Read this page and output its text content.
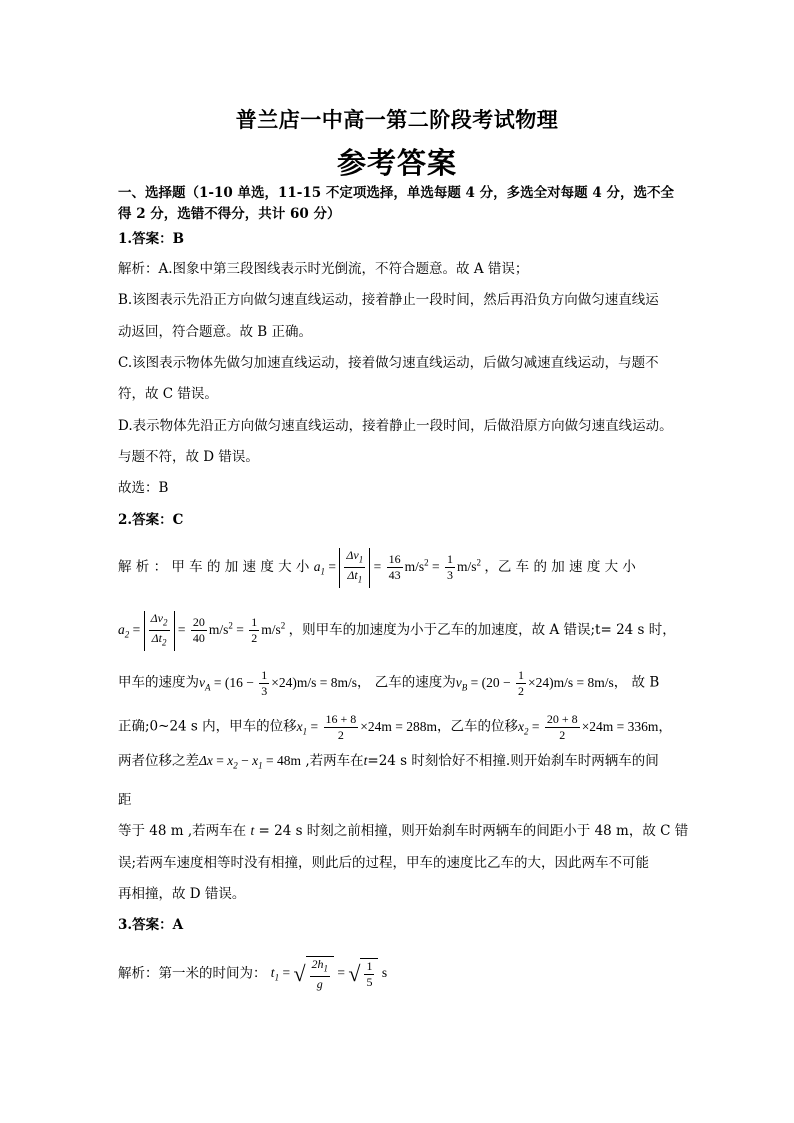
普兰店一中高一第二阶段考试物理
参考答案
一、选择题（1-10 单选，11-15 不定项选择，单选每题 4 分，多选全对每题 4 分，选不全
得 2 分，选错不得分，共计 60 分）
1.答案：B
解析：A.图象中第三段图线表示时光倒流，不符合题意。故 A 错误；
B.该图表示先沿正方向做匀速直线运动，接着静止一段时间，然后再沿负方向做匀速直线运
动返回，符合题意。故 B 正确。
C.该图表示物体先做匀加速直线运动，接着做匀速直线运动，后做匀减速直线运动，与题不
符，故 C 错误。
D.表示物体先沿正方向做匀速直线运动，接着静止一段时间，后做沿原方向做匀速直线运动。
与题不符，故 D 错误。
故选：B
2.答案：C
解 析 ： 甲 车 的 加 速 度 大 小 $a_1 = \frac{\Delta v_1}{\Delta t_1} = \frac{16}{43} m/s^2 = \frac{1}{3} m/s^2$ ，乙 车 的 加 速 度 大 小
$a_2 = \frac{\Delta v_2}{\Delta t_2} = \frac{20}{40} m/s^2 = \frac{1}{2} m/s^2$ ，则甲车的加速度为小于乙车的加速度，故 A 错误;t= 24 s 时，
甲车的速度为$v_A = (16 - \frac{1}{3} \times 24)m/s = 8m/s$， 乙车的速度为$v_B = (20 - \frac{1}{2} \times 24)m/s = 8m/s$， 故 B
正确;0~24 s 内，甲车的位移$x_1 = \frac{16 + 8}{2} \times 24m = 288m$，乙车的位移$x_2 = \frac{20 + 8}{2} \times 24m = 336m$，
两者位移之差$\Delta x = x_2 - x_1 = 48m$ ,若两车在t=24 s 时刻恰好不相撞.则开始刹车时两辆车的间
距
等于 48 m ,若两车在 t = 24 s 时刻之前相撞，则开始刹车时两辆车的间距小于 48 m，故 C 错
误;若两车速度相等时没有相撞，则此后的过程，甲车的速度比乙车的大，因此两车不可能
再相撞，故 D 错误。
3.答案：A
解析：第一米的时间为： $t_1$ = √ $\frac{2h_1}{g}$ = √ $\frac{1}{5}$ s
